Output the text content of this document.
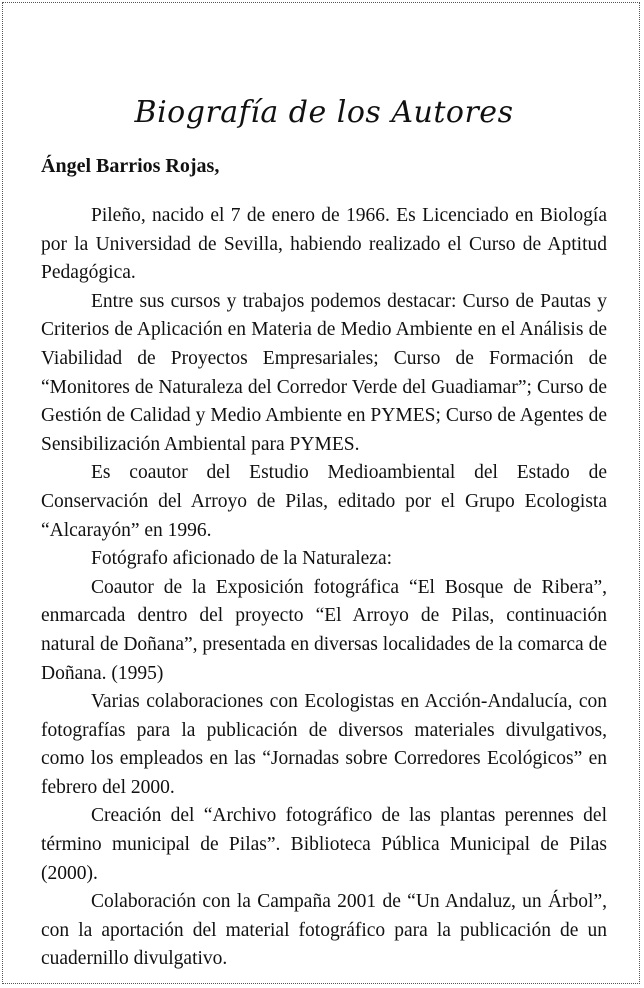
Biografía de los Autores
Ángel Barrios Rojas,

Pileño, nacido el 7 de enero de 1966. Es Licenciado en Biología por la Universidad de Sevilla, habiendo realizado el Curso de Aptitud Pedagógica.

Entre sus cursos y trabajos podemos destacar: Curso de Pautas y Criterios de Aplicación en Materia de Medio Ambiente en el Análisis de Viabilidad de Proyectos Empresariales; Curso de Formación de “Monitores de Naturaleza del Corredor Verde del Guadiamar”; Curso de Gestión de Calidad y Medio Ambiente en PYMES; Curso de Agentes de Sensibilización Ambiental para PYMES.

Es coautor del Estudio Medioambiental del Estado de Conservación del Arroyo de Pilas, editado por el Grupo Ecologista “Alcarayón” en 1996.

Fotógrafo aficionado de la Naturaleza:

Coautor de la Exposición fotográfica “El Bosque de Ribera”, enmarcada dentro del proyecto “El Arroyo de Pilas, continuación natural de Doñana”, presentada en diversas localidades de la comarca de Doñana. (1995)

Varias colaboraciones con Ecologistas en Acción-Andalucía, con fotografías para la publicación de diversos materiales divulgativos, como los empleados en las “Jornadas sobre Corredores Ecológicos” en febrero del 2000.

Creación del “Archivo fotográfico de las plantas perennes del término municipal de Pilas”. Biblioteca Pública Municipal de Pilas (2000).

Colaboración con la Campaña 2001 de “Un Andaluz, un Árbol”, con la aportación del material fotográfico para la publicación de un cuadernillo divulgativo.
